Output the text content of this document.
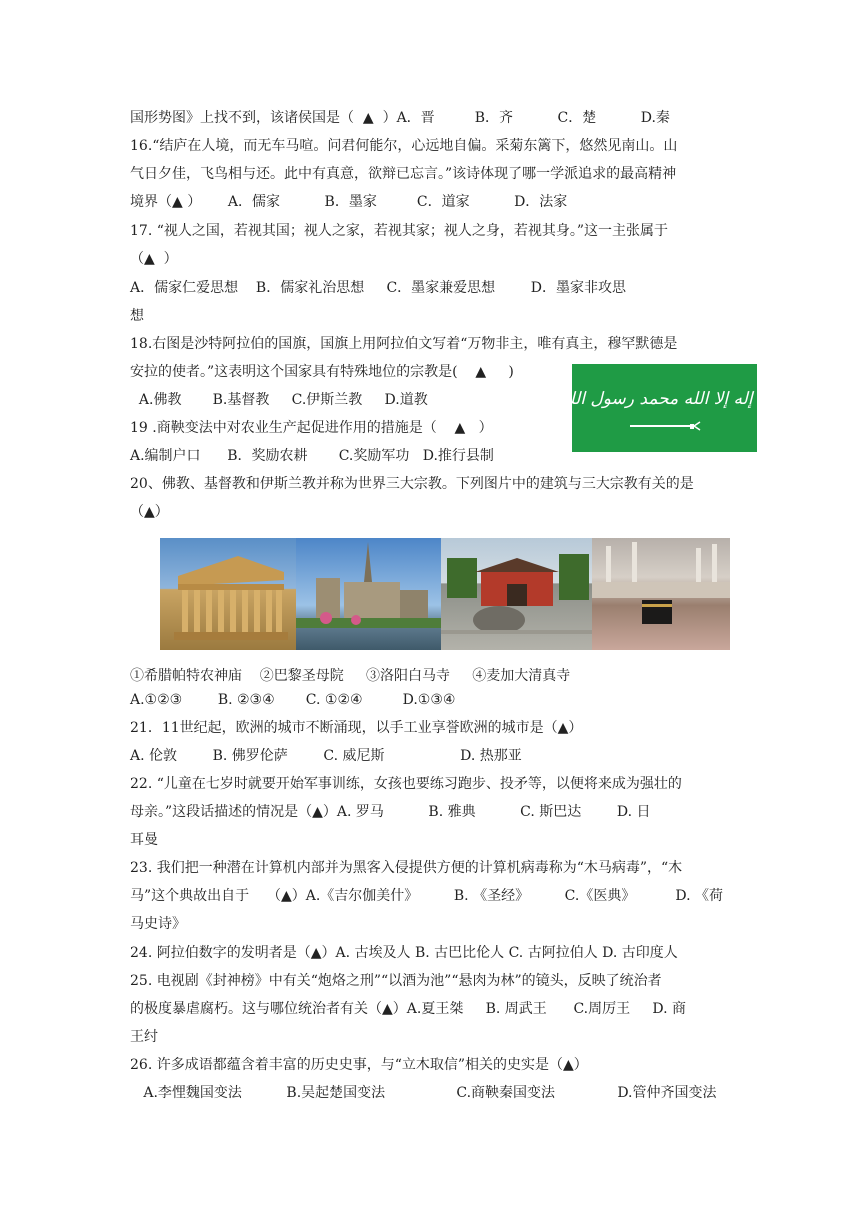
国形势图》上找不到，该诸侯国是（  ▲  ）A．晋         B．齐          C．楚          D.秦
16.“结庐在人境，而无车马喧。问君何能尔，心远地自偏。采菊东篱下，悠然见南山。山
气日夕佳，飞鸟相与还。此中有真意，欲辩已忘言。”该诗体现了哪一学派追求的最高精神
境界（▲ ）      A．儒家          B．墨家         C．道家          D．法家
17. “视人之国，若视其国；视人之家，若视其家；视人之身，若视其身。”这一主张属于
（▲  ）
A．儒家仁爱思想    B．儒家礼治思想     C．墨家兼爱思想        D．墨家非攻思
想
18.右图是沙特阿拉伯的国旗，国旗上用阿拉伯文写着“万物非主，唯有真主，穆罕默德是
安拉的使者。”这表明这个国家具有特殊地位的宗教是(    ▲     )
A.佛教       B.基督教     C.伊斯兰教     D.道教
19 .商鞅变法中对农业生产起促进作用的措施是（    ▲   ）
A.编制户口      B．奖励农耕       C.奖励军功   D.推行县制
20、佛教、基督教和伊斯兰教并称为世界三大宗教。下列图片中的建筑与三大宗教有关的是
（▲）
لا إله إلا الله محمد رسول الله
①希腊帕特农神庙    ②巴黎圣母院     ③洛阳白马寺     ④麦加大清真寺
A.①②③        B. ②③④       C. ①②④         D.①③④
21．11世纪起，欧洲的城市不断涌现，以手工业享誉欧洲的城市是（▲）
A. 伦敦        B. 佛罗伦萨        C. 威尼斯                 D. 热那亚
22. “儿童在七岁时就要开始军事训练，女孩也要练习跑步、投矛等，以便将来成为强壮的
母亲。”这段话描述的情况是（▲）A. 罗马          B. 雅典          C. 斯巴达        D. 日
耳曼
23. 我们把一种潜在计算机内部并为黑客入侵提供方便的计算机病毒称为“木马病毒”，“木
马”这个典故出自于    （▲）A.《吉尔伽美什》        B. 《圣经》        C.《医典》         D. 《荷
马史诗》
24. 阿拉伯数字的发明者是（▲）A. 古埃及人 B. 古巴比伦人 C. 古阿拉伯人 D. 古印度人
25. 电视剧《封神榜》中有关“炮烙之刑”“以酒为池”“悬肉为林”的镜头，反映了统治者
的极度暴虐腐朽。这与哪位统治者有关（▲）A.夏王桀     B. 周武王      C.周厉王     D. 商
王纣
26. 许多成语都蕴含着丰富的历史史事，与“立木取信”相关的史实是（▲）
A.李悝魏国变法          B.吴起楚国变法                C.商鞅秦国变法              D.管仲齐国变法
